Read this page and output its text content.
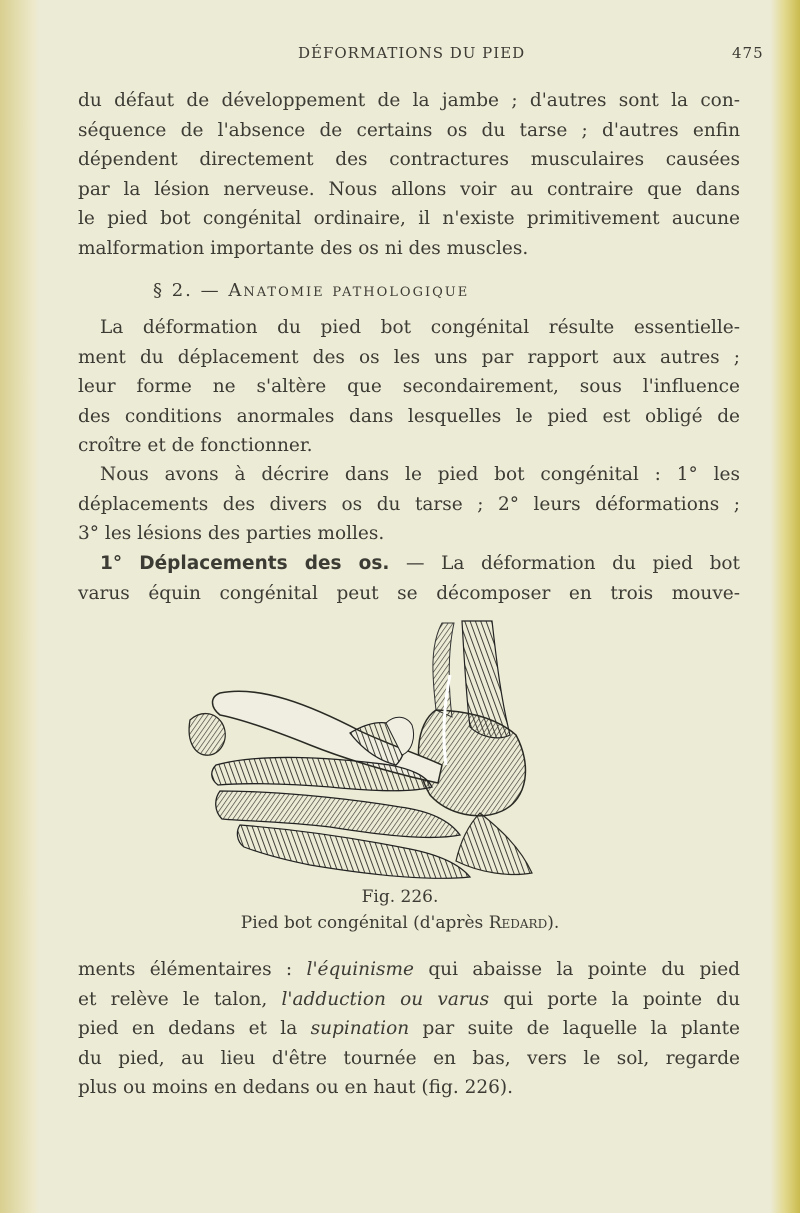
DÉFORMATIONS DU PIED	475
du défaut de développement de la jambe ; d'autres sont la con-
séquence de l'absence de certains os du tarse ; d'autres enfin
dépendent directement des contractures musculaires causées
par la lésion nerveuse. Nous allons voir au contraire que dans
le pied bot congénital ordinaire, il n'existe primitivement aucune
malformation importante des os ni des muscles.
§ 2. — Anatomie pathologique
La déformation du pied bot congénital résulte essentielle-
ment du déplacement des os les uns par rapport aux autres ;
leur forme ne s'altère que secondairement, sous l'influence
des conditions anormales dans lesquelles le pied est obligé de
croître et de fonctionner.
Nous avons à décrire dans le pied bot congénital : 1° les
déplacements des divers os du tarse ; 2° leurs déformations ;
3° les lésions des parties molles.
1° Déplacements des os. — La déformation du pied bot
varus équin congénital peut se décomposer en trois mouve-
Fig. 226.
Pied bot congénital (d'après Redard).
ments élémentaires : l'équinisme qui abaisse la pointe du pied
et relève le talon, l'adduction ou varus qui porte la pointe du
pied en dedans et la supination par suite de laquelle la plante
du pied, au lieu d'être tournée en bas, vers le sol, regarde
plus ou moins en dedans ou en haut (fig. 226).
